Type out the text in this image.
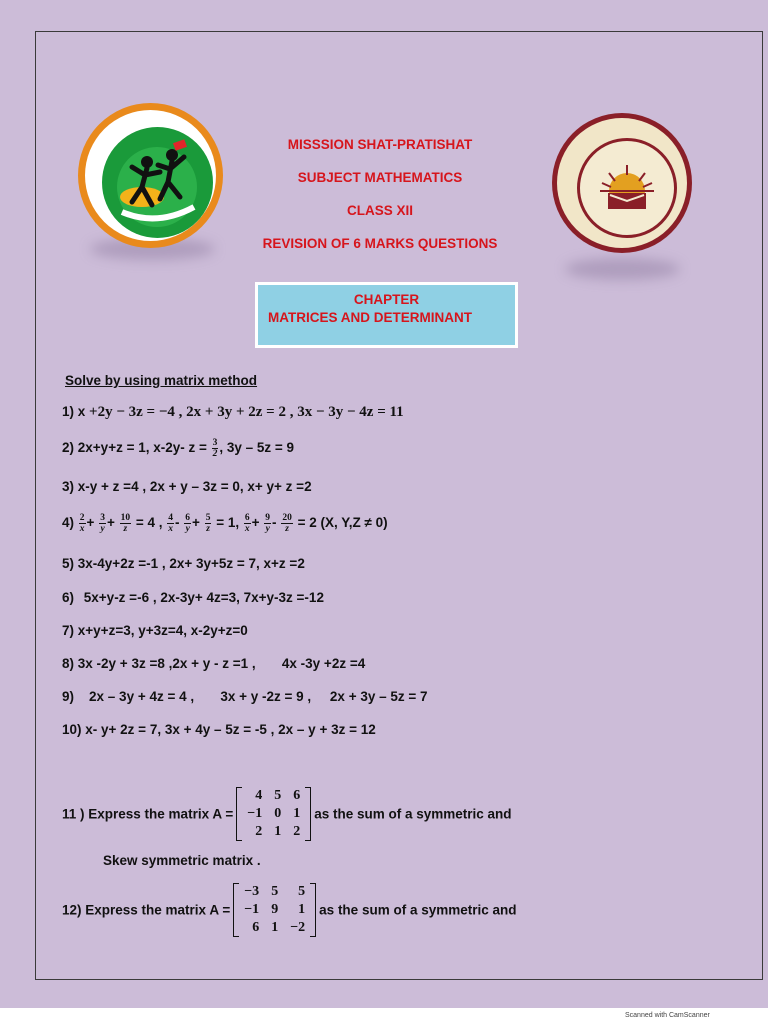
MISSSION SHAT-PRATISHAT
SUBJECT MATHEMATICS
CLASS XII
REVISION OF 6 MARKS QUESTIONS
CHAPTER
MATRICES AND DETERMINANT
Solve by using matrix method
1) x +2y − 3z = −4 , 2x + 3y + 2z = 2 , 3x − 3y − 4z = 11
2) 2x+y+z = 1, x-2y- $z = \frac{3}{2}$ , 3y – 5z = 9
3) x-y + z =4 , 2x + y – 3z = 0, x+ y+ z =2
$4) \frac{2}{x} + \frac{3}{y} + \frac{10}{z} = 4$ , $\frac{4}{x} - \frac{6}{y} + \frac{5}{z} = 1$, $\frac{6}{x} + \frac{9}{y} - \frac{20}{z} = 2$ (X, Y,Z ≠ 0)
5) 3x-4y+2z =-1 , 2x+ 3y+5z = 7, x+z =2
6) 5x+y-z =-6 , 2x-3y+ 4z=3, 7x+y-3z =-12
7) x+y+z=3, y+3z=4, x-2y+z=0
8) 3x -2y + 3z =8 ,2x + y - z =1 ,       4x -3y +2z =4
9) 2x – 3y + 4z = 4 ,       3x + y -2z = 9 ,     2x + 3y – 5z = 7
10) x- y+ 2z = 7, 3x + 4y – 5z = -5 , 2x – y + 3z = 12
11 ) Express the matrix A =
4	5	6
−1	0	1
2	1	2
as the sum of a symmetric and
Skew symmetric matrix .
12) Express the matrix A =
−3	5	5
−1	9	1
6	1	−2
as the sum of a symmetric and
Scanned with CamScanner
